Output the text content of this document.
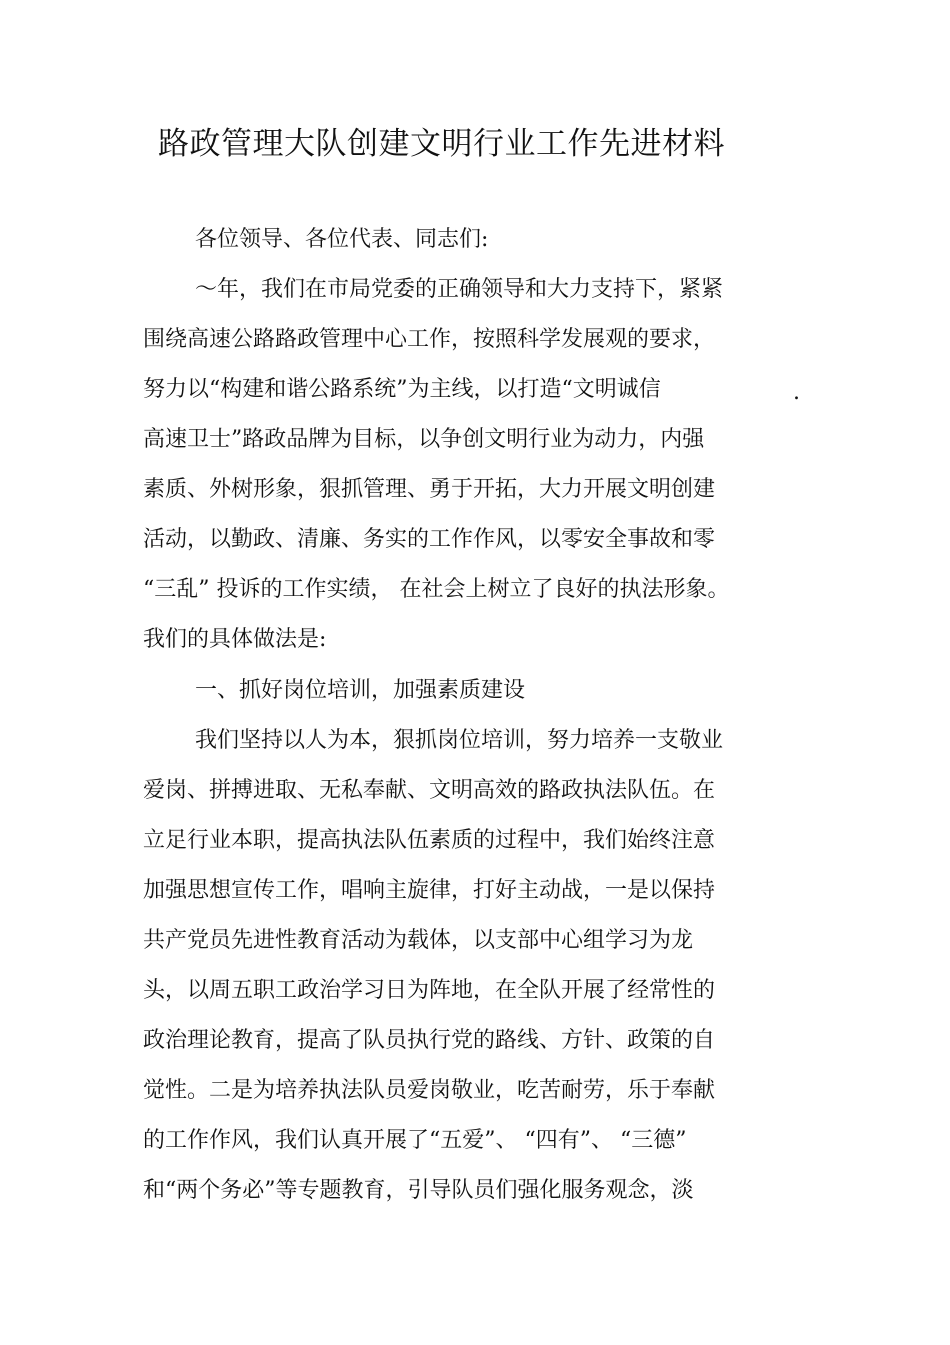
路政管理大队创建文明行业工作先进材料

各位领导、各位代表、同志们:

～年，我们在市局党委的正确领导和大力支持下，紧紧

围绕高速公路路政管理中心工作，按照科学发展观的要求，

努力以“构建和谐公路系统”为主线，以打造“文明诚信	.

高速卫士”路政品牌为目标，以争创文明行业为动力，内强

素质、外树形象，狠抓管理、勇于开拓，大力开展文明创建

活动，以勤政、清廉、务实的工作作风，以零安全事故和零

“三乱” 投诉的工作实绩， 在社会上树立了良好的执法形象。

我们的具体做法是:

一、抓好岗位培训，加强素质建设

我们坚持以人为本，狠抓岗位培训，努力培养一支敬业

爱岗、拼搏进取、无私奉献、文明高效的路政执法队伍。在

立足行业本职，提高执法队伍素质的过程中，我们始终注意

加强思想宣传工作，唱响主旋律，打好主动战，一是以保持

共产党员先进性教育活动为载体，以支部中心组学习为龙

头，以周五职工政治学习日为阵地，在全队开展了经常性的

政治理论教育，提高了队员执行党的路线、方针、政策的自

觉性。二是为培养执法队员爱岗敬业，吃苦耐劳，乐于奉献

的工作作风，我们认真开展了“五爱”、 “四有”、 “三德”

和“两个务必”等专题教育，引导队员们强化服务观念，淡
